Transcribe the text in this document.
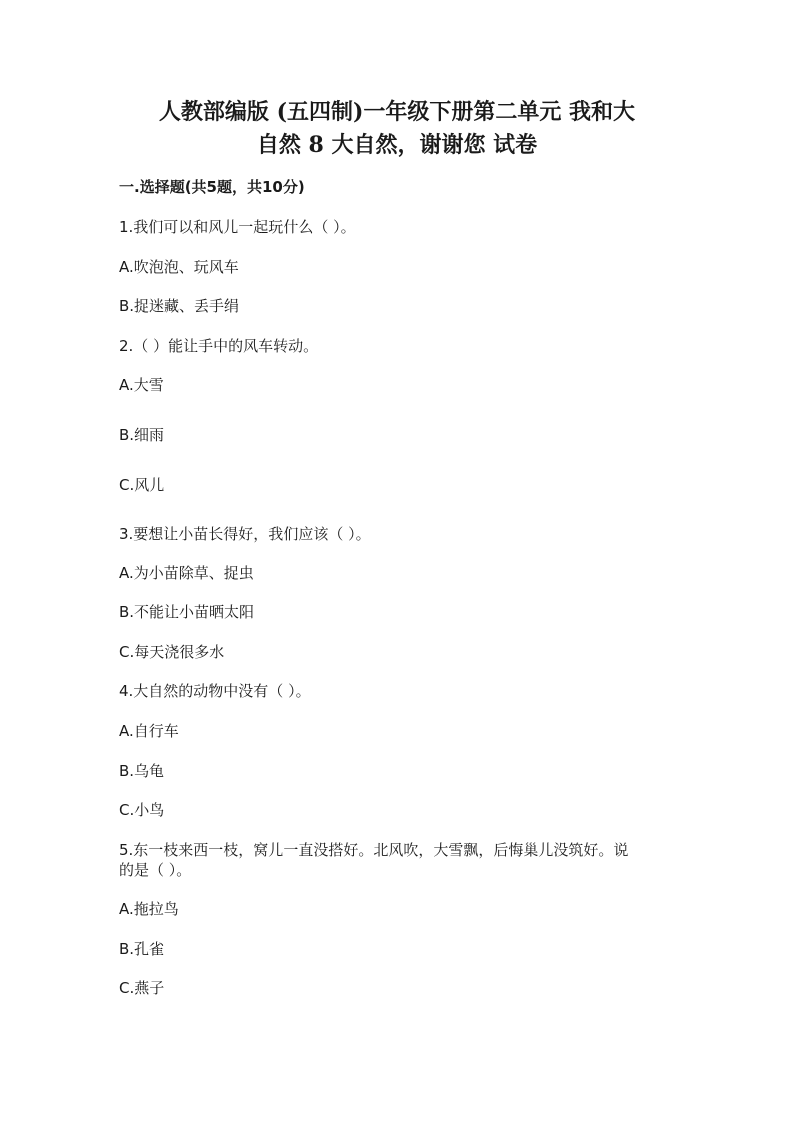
人教部编版 (五四制)一年级下册第二单元 我和大
自然 8 大自然，谢谢您 试卷
一.选择题(共5题，共10分)
1.我们可以和风儿一起玩什么（ ）。
A.吹泡泡、玩风车
B.捉迷藏、丢手绢
2.（ ）能让手中的风车转动。
A.大雪
B.细雨
C.风儿
3.要想让小苗长得好，我们应该（ ）。
A.为小苗除草、捉虫
B.不能让小苗晒太阳
C.每天浇很多水
4.大自然的动物中没有（ ）。
A.自行车
B.乌龟
C.小鸟
5.东一枝来西一枝，窝儿一直没搭好。北风吹，大雪飘，后悔巢儿没筑好。说
的是（ ）。
A.拖拉鸟
B.孔雀
C.燕子
